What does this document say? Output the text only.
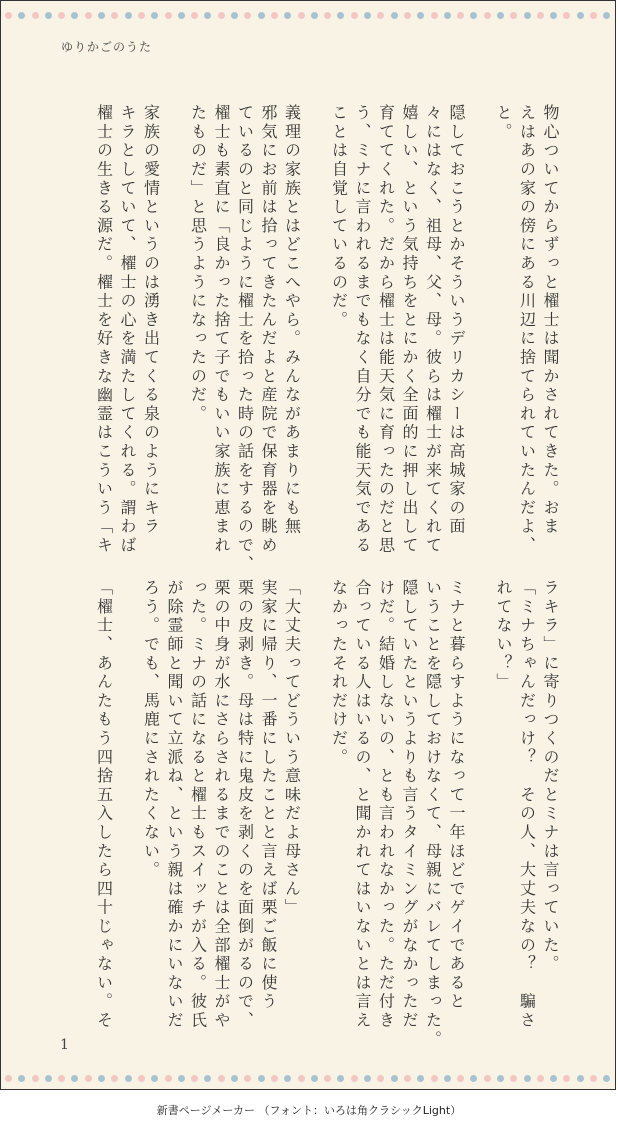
ゆりかごのうた
物心ついてからずっと櫂士は聞かされてきた。おま
えはあの家の傍にある川辺に捨てられていたんだよ、
と。
隠しておこうとかそういうデリカシーは高城家の面
々にはなく、祖母、父、母。彼らは櫂士が来てくれて
嬉しい、という気持ちをとにかく全面的に押し出して
育ててくれた。だから櫂士は能天気に育ったのだと思
う、ミナに言われるまでもなく自分でも能天気である
ことは自覚しているのだ。
義理の家族とはどこへやら。みんながあまりにも無
邪気にお前は拾ってきたんだよと産院で保育器を眺め
ているのと同じように櫂士を拾った時の話をするので、
櫂士も素直に「良かった捨て子でもいい家族に恵まれ
たものだ」と思うようになったのだ。
家族の愛情というのは湧き出てくる泉のようにキラ
キラとしていて、櫂士の心を満たしてくれる。謂わば
櫂士の生きる源だ。櫂士を好きな幽霊はこういう「キ
ラキラ」に寄りつくのだとミナは言っていた。
「ミナちゃんだっけ？　その人、大丈夫なの？　騙さ
れてない？」
ミナと暮らすようになって一年ほどでゲイであると
いうことを隠しておけなくて、母親にバレてしまった。
隠していたというよりも言うタイミングがなかっただ
けだ。結婚しないの、とも言われなかった。ただ付き
合っている人はいるの、と聞かれてはいないとは言え
なかったそれだけだ。
「大丈夫ってどういう意味だよ母さん」
実家に帰り、一番にしたことと言えば栗ご飯に使う
栗の皮剥き。母は特に鬼皮を剥くのを面倒がるので、
栗の中身が水にさらされるまでのことは全部櫂士がや
った。ミナの話になると櫂士もスイッチが入る。彼氏
が除霊師と聞いて立派ね、という親は確かにいないだ
ろう。でも、馬鹿にされたくない。
「櫂士、あんたもう四捨五入したら四十じゃない。そ
1
新書ページメーカー （フォント：いろは角クラシックLight）
